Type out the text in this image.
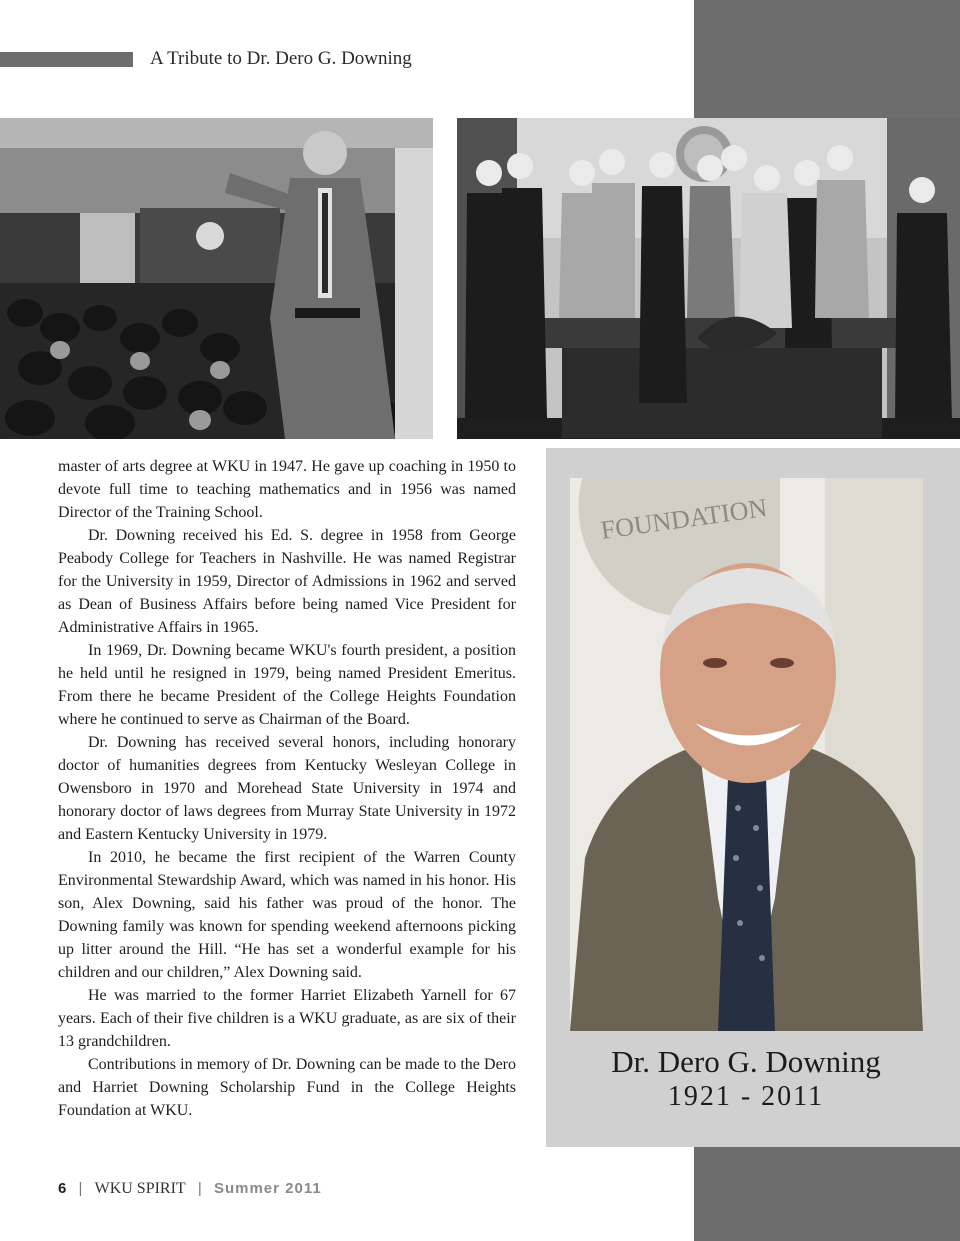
A Tribute to Dr. Dero G. Downing

master of arts degree at WKU in 1947. He gave up coaching in 1950 to devote full time to teaching mathematics and in 1956 was named Director of the Training School.

Dr. Downing received his Ed. S. degree in 1958 from George Peabody College for Teachers in Nashville. He was named Registrar for the University in 1959, Director of Admissions in 1962 and served as Dean of Business Affairs before being named Vice President for Administrative Affairs in 1965.

In 1969, Dr. Downing became WKU's fourth president, a position he held until he resigned in 1979, being named President Emeritus. From there he became President of the College Heights Foundation where he continued to serve as Chairman of the Board.

Dr. Downing has received several honors, including honorary doctor of humanities degrees from Kentucky Wesleyan College in Owensboro in 1970 and Morehead State University in 1974 and honorary doctor of laws degrees from Murray State University in 1972 and Eastern Kentucky University in 1979.

In 2010, he became the first recipient of the Warren County Environmental Stewardship Award, which was named in his honor. His son, Alex Downing, said his father was proud of the honor. The Downing family was known for spending weekend afternoons picking up litter around the Hill. “He has set a wonderful example for his children and our children,” Alex Downing said.

He was married to the former Harriet Elizabeth Yarnell for 67 years. Each of their five children is a WKU graduate, as are six of their 13 grandchildren.

Contributions in memory of Dr. Downing can be made to the Dero and Harriet Downing Scholarship Fund in the College Heights Foundation at WKU.

FOUNDATION
Dr. Dero G. Downing
1921 - 2011
6 | WKU SPIRIT | Summer 2011
